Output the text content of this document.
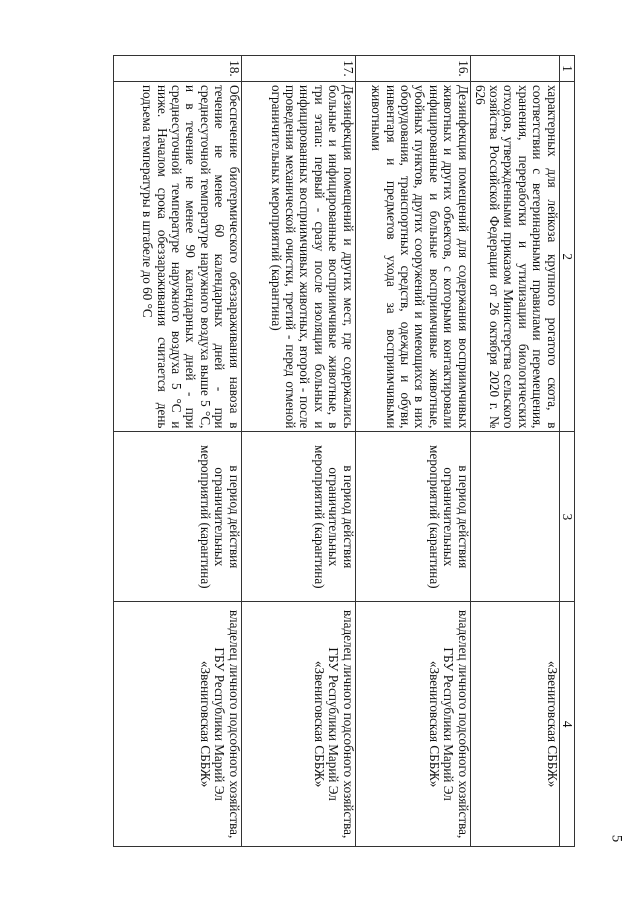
5
1	2	3	4
	характерных для лейкоза крупного рогатого скота, в соответствии с ветеринарными правилами перемещения, хранения, переработки и утилизации биологических отходов, утвержденными приказом Министерства сельского хозяйства Российской Федерации от 26 октября 2020 г. № 626		«Звениговская СББЖ»
16.	Дезинфекция помещений для содержания восприимчивых животных и других объектов, с которыми контактировали инфицированные и больные восприимчивые животные, убойных пунктов, других сооружений и имеющихся в них оборудования, транспортных средств, одежды и обуви, инвентаря и предметов ухода за восприимчивыми животными	в период действия ограничительных мероприятий (карантина)	владелец личного подсобного хозяйства, ГБУ Республики Марий Эл «Звениговская СББЖ»
17.	Дезинфекция помещений и других мест, где содержались больные и инфицированные восприимчивые животные, в три этапа: первый - сразу после изоляции больных и инфицированных восприимчивых животных, второй - после проведения механической очистки, третий - перед отменой ограничительных мероприятий (карантина)	в период действия ограничительных мероприятий (карантина)	владелец личного подсобного хозяйства, ГБУ Республики Марий Эл «Звениговская СББЖ»
18.	Обеспечение биотермического обеззараживания навоза в течение не менее 60 календарных дней - при среднесуточной температуре наружного воздуха выше 5 °С, и в течение не менее 90 календарных дней - при среднесуточной температуре наружного воздуха 5 °С и ниже. Началом срока обеззараживания считается день подъема температуры в штабеле до 60 °С	в период действия ограничительных мероприятий (карантина)	владелец личного подсобного хозяйства, ГБУ Республики Марий Эл «Звениговская СББЖ»
